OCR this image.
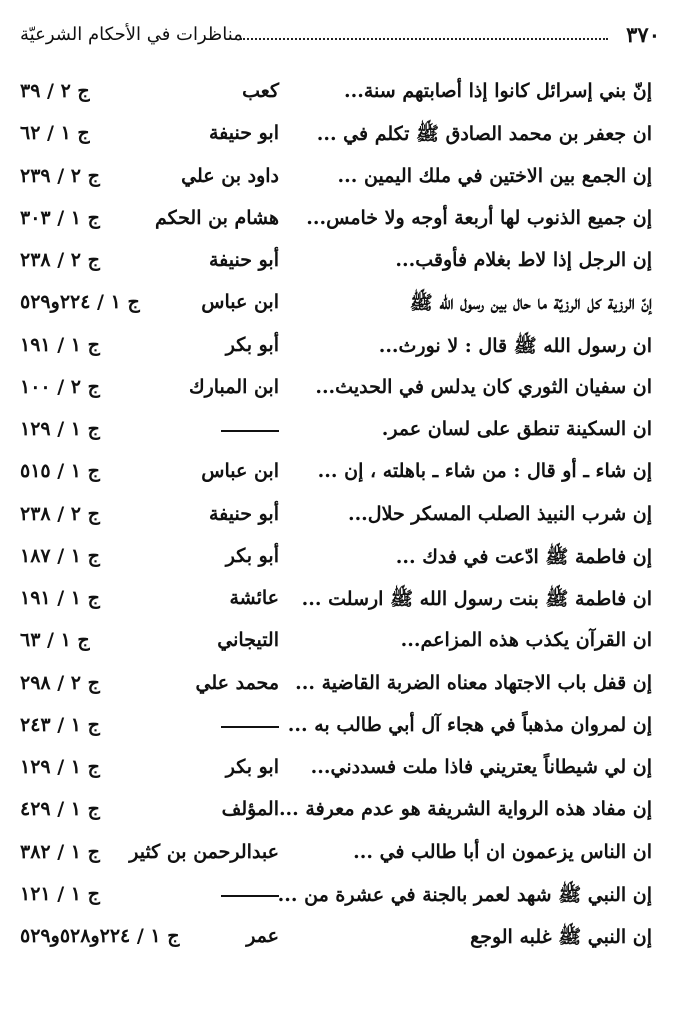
٣٧٠
مناظرات في الأحكام الشرعيّة
إنّ بني إسرائل كانوا إذا أصابتهم سنة...
كعب
ج ٢ / ٣٩
ان جعفر بن محمد الصادق ﷺ تكلم في ...
ابو حنيفة
ج ١ / ٦٢
إن الجمع بين الاختين في ملك اليمين ...
داود بن علي
ج ٢ / ٢٣٩
إن جميع الذنوب لها أربعة أوجه ولا خامس...
هشام بن الحكم
ج ١ / ٣٠٣
إن الرجل إذا لاط بغلام فأوقب...
أبو حنيفة
ج ٢ / ٢٣٨
إنّ الرزية كل الرزيّة ما حال بين رسول الله ﷺ
ابن عباس
ج ١ / ٢٢٤و٥٢٩
ان رسول الله ﷺ قال : لا نورث...
أبو بكر
ج ١ / ١٩١
ان سفيان الثوري كان يدلس في الحديث...
ابن المبارك
ج ٢ / ١٠٠
ان السكينة تنطق على لسان عمر.
ج ١ / ١٢٩
إن شاء ـ أو قال : من شاء ـ باهلته ، إن ...
ابن عباس
ج ١ / ٥١٥
إن شرب النبيذ الصلب المسكر حلال...
أبو حنيفة
ج ٢ / ٢٣٨
إن فاطمة ﷺ ادّعت في فدك ...
أبو بكر
ج ١ / ١٨٧
ان فاطمة ﷺ بنت رسول الله ﷺ ارسلت ...
عائشة
ج ١ / ١٩١
ان القرآن يكذب هذه المزاعم...
التيجاني
ج ١ / ٦٣
إن قفل باب الاجتهاد معناه الضربة القاضية ...
محمد علي
ج ٢ / ٢٩٨
إن لمروان مذهباً في هجاء آل أبي طالب به ...
ج ١ / ٢٤٣
إن لي شيطاناً يعتريني فاذا ملت فسددني...
ابو بكر
ج ١ / ١٢٩
إن مفاد هذه الرواية الشريفة هو عدم معرفة ...
المؤلف
ج ١ / ٤٢٩
ان الناس يزعمون ان أبا طالب في ...
عبدالرحمن بن كثير
ج ١ / ٣٨٢
إن النبي ﷺ شهد لعمر بالجنة في عشرة من ...
ج ١ / ١٢١
إن النبي ﷺ غلبه الوجع
عمر
ج ١ / ٢٢٤و٥٢٨و٥٢٩
